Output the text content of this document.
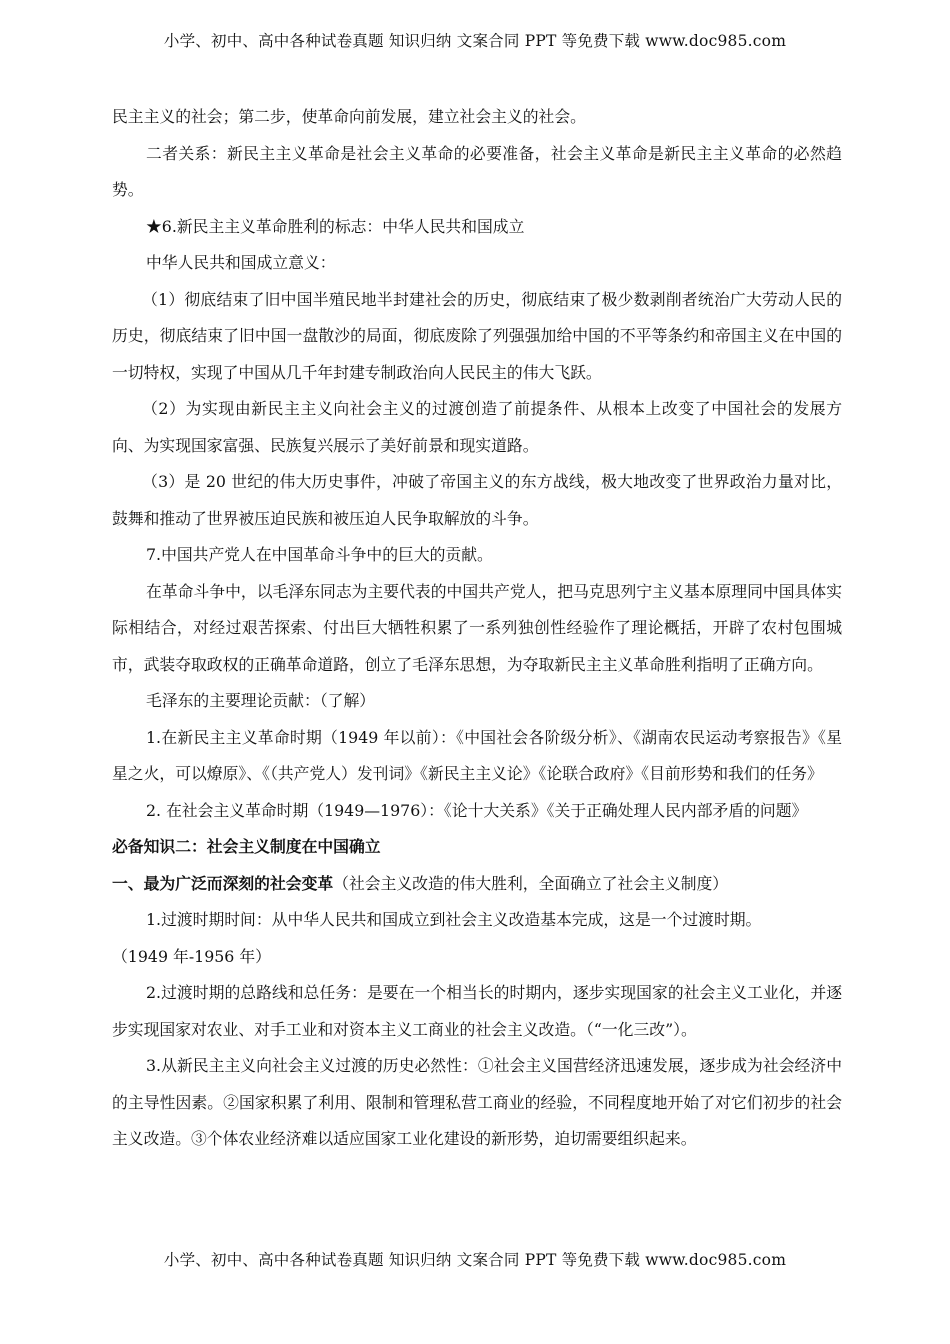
小学、初中、高中各种试卷真题 知识归纳 文案合同 PPT 等免费下载 www.doc985.com

民主主义的社会；第二步，使革命向前发展，建立社会主义的社会。

二者关系：新民主主义革命是社会主义革命的必要准备，社会主义革命是新民主主义革命的必然趋势。

★6.新民主主义革命胜利的标志：中华人民共和国成立

中华人民共和国成立意义：

（1）彻底结束了旧中国半殖民地半封建社会的历史，彻底结束了极少数剥削者统治广大劳动人民的历史，彻底结束了旧中国一盘散沙的局面，彻底废除了列强强加给中国的不平等条约和帝国主义在中国的一切特权，实现了中国从几千年封建专制政治向人民民主的伟大飞跃。

（2）为实现由新民主主义向社会主义的过渡创造了前提条件、从根本上改变了中国社会的发展方向、为实现国家富强、民族复兴展示了美好前景和现实道路。

（3）是 20 世纪的伟大历史事件，冲破了帝国主义的东方战线，极大地改变了世界政治力量对比，鼓舞和推动了世界被压迫民族和被压迫人民争取解放的斗争。

7.中国共产党人在中国革命斗争中的巨大的贡献。

在革命斗争中，以毛泽东同志为主要代表的中国共产党人，把马克思列宁主义基本原理同中国具体实际相结合，对经过艰苦探索、付出巨大牺牲积累了一系列独创性经验作了理论概括，开辟了农村包围城市，武装夺取政权的正确革命道路，创立了毛泽东思想，为夺取新民主主义革命胜利指明了正确方向。

毛泽东的主要理论贡献：（了解）

1.在新民主主义革命时期（1949 年以前）：《中国社会各阶级分析》、《湖南农民运动考察报告》《星星之火，可以燎原》、《（共产党人）发刊词》《新民主主义论》《论联合政府》《目前形势和我们的任务》

2. 在社会主义革命时期（1949—1976）：《论十大关系》《关于正确处理人民内部矛盾的问题》

必备知识二：社会主义制度在中国确立

一、最为广泛而深刻的社会变革（社会主义改造的伟大胜利，全面确立了社会主义制度）

1.过渡时期时间：从中华人民共和国成立到社会主义改造基本完成，这是一个过渡时期。

（1949 年-1956 年）

2.过渡时期的总路线和总任务：是要在一个相当长的时期内，逐步实现国家的社会主义工业化，并逐步实现国家对农业、对手工业和对资本主义工商业的社会主义改造。（“一化三改”）。

3.从新民主主义向社会主义过渡的历史必然性：①社会主义国营经济迅速发展，逐步成为社会经济中的主导性因素。②国家积累了利用、限制和管理私营工商业的经验，不同程度地开始了对它们初步的社会主义改造。③个体农业经济难以适应国家工业化建设的新形势，迫切需要组织起来。

小学、初中、高中各种试卷真题 知识归纳 文案合同 PPT 等免费下载 www.doc985.com
